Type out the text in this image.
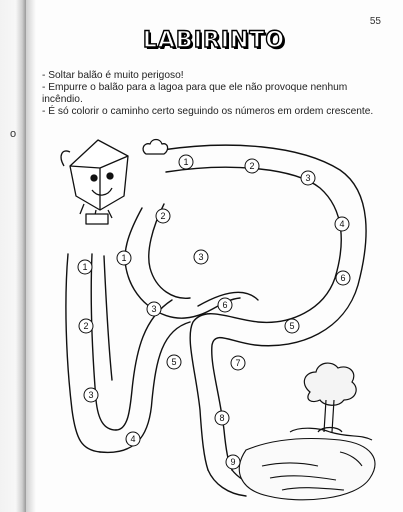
o
55
LABIRINTO

- Soltar balão é muito perigoso!

- Empurre o balão para a lagoa para que ele não provoque nenhum incêndio.

- É só colorir o caminho certo seguindo os números em ordem crescente.

1	2
3
4
6
5
2
3
1
3	6
1
2
3
4
5	7
8
9
